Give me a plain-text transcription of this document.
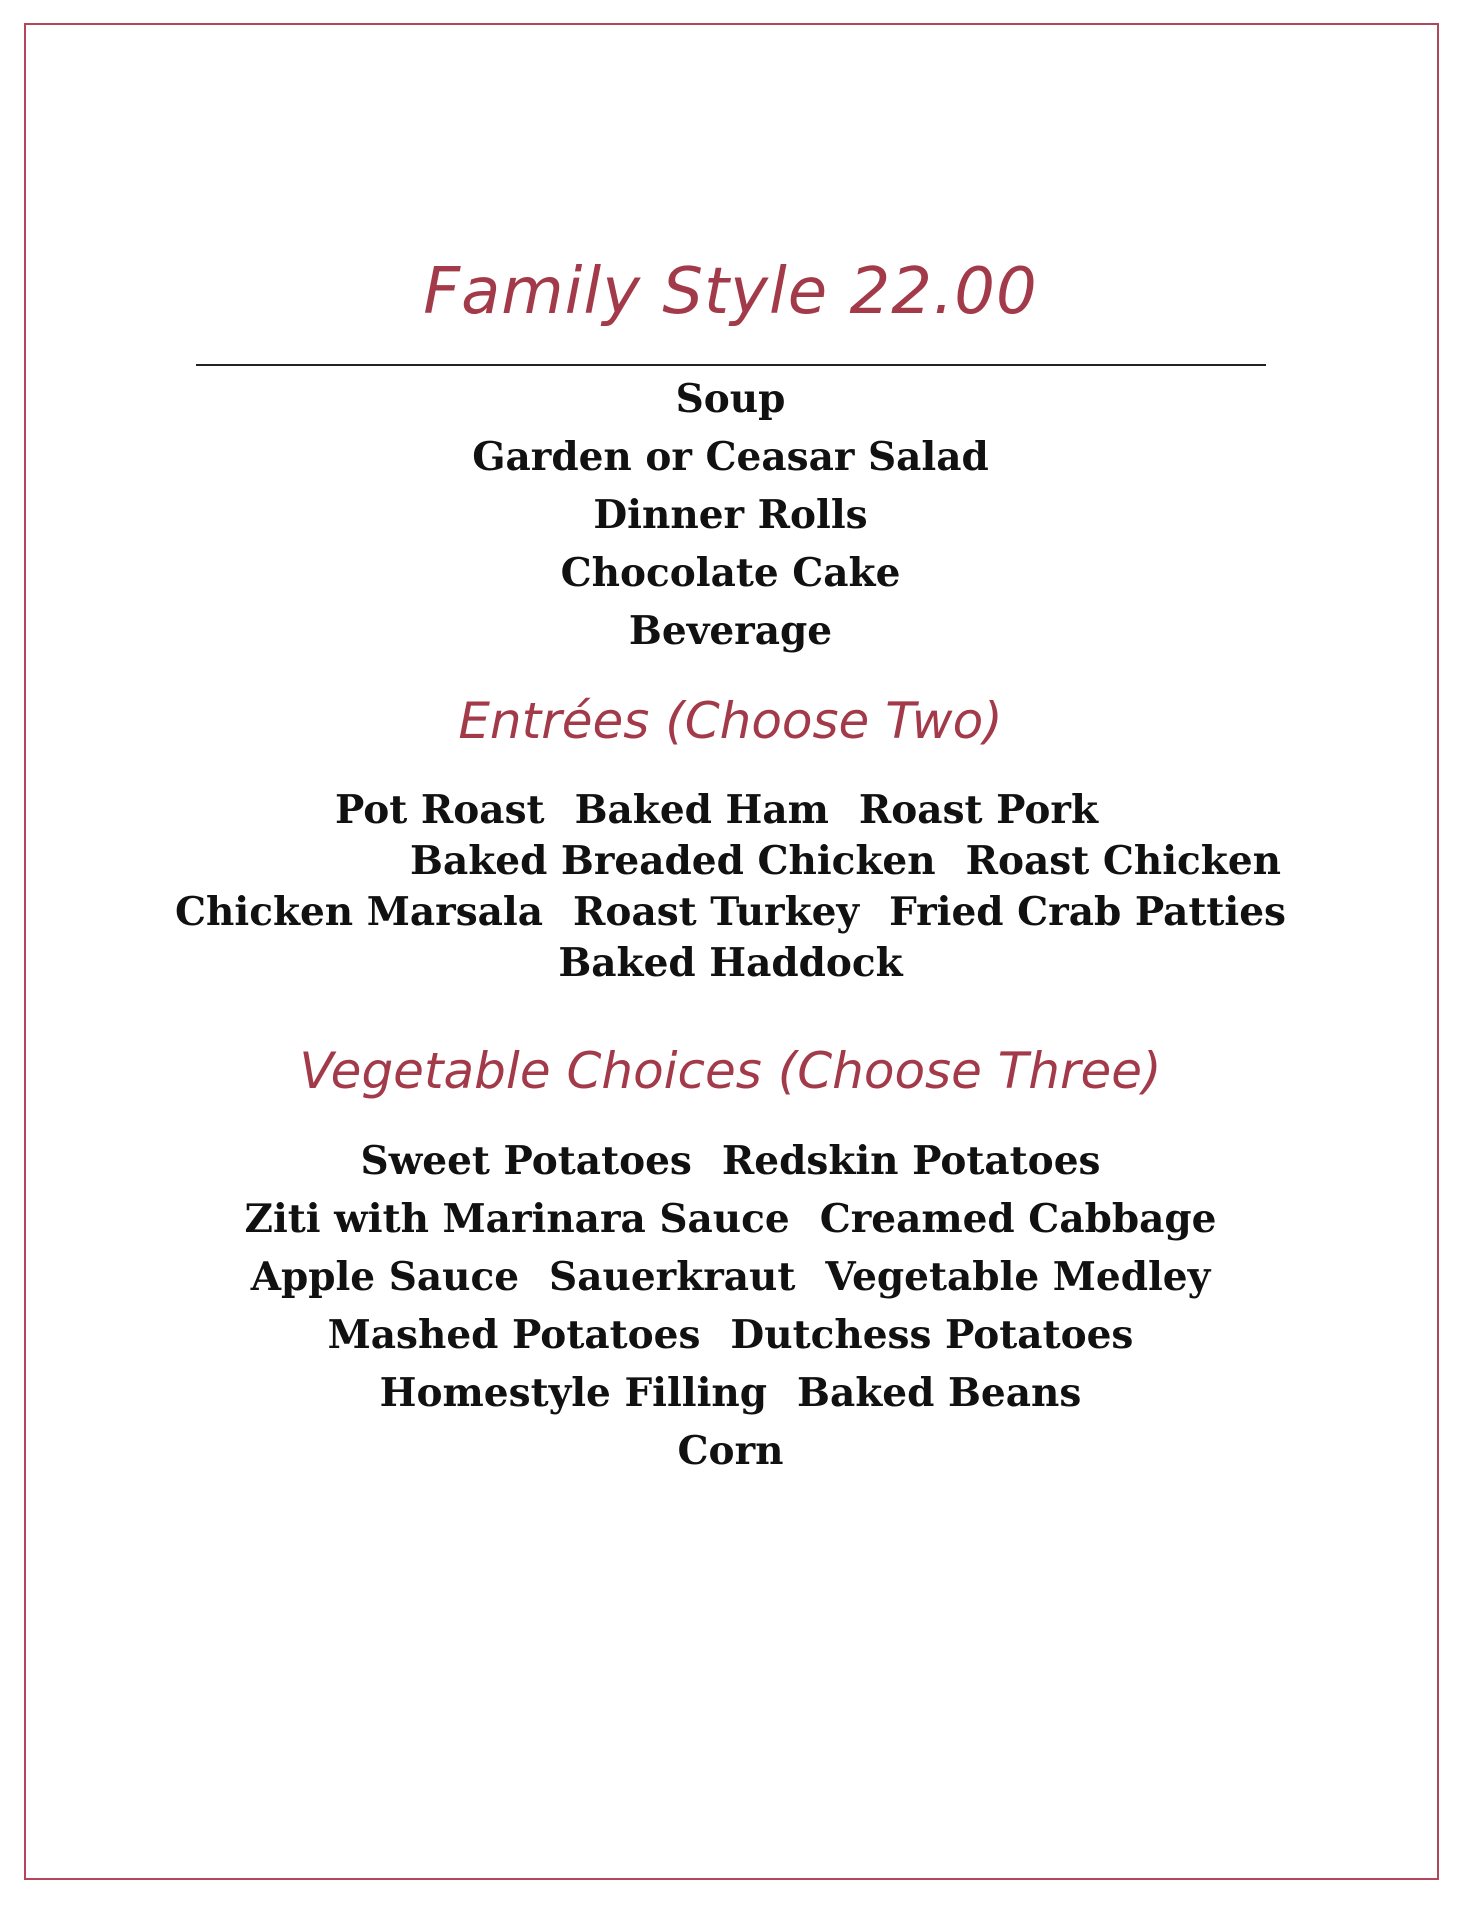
Family Style 22.00
Soup
Garden or Ceasar Salad
Dinner Rolls
Chocolate Cake
Beverage
Entrées (Choose Two)
Pot Roast Baked Ham Roast Pork
Baked Breaded Chicken Roast Chicken
Chicken Marsala Roast Turkey Fried Crab Patties
Baked Haddock
Vegetable Choices (Choose Three)
Sweet Potatoes Redskin Potatoes
Ziti with Marinara Sauce Creamed Cabbage
Apple Sauce Sauerkraut Vegetable Medley
Mashed Potatoes Dutchess Potatoes
Homestyle Filling Baked Beans
Corn
